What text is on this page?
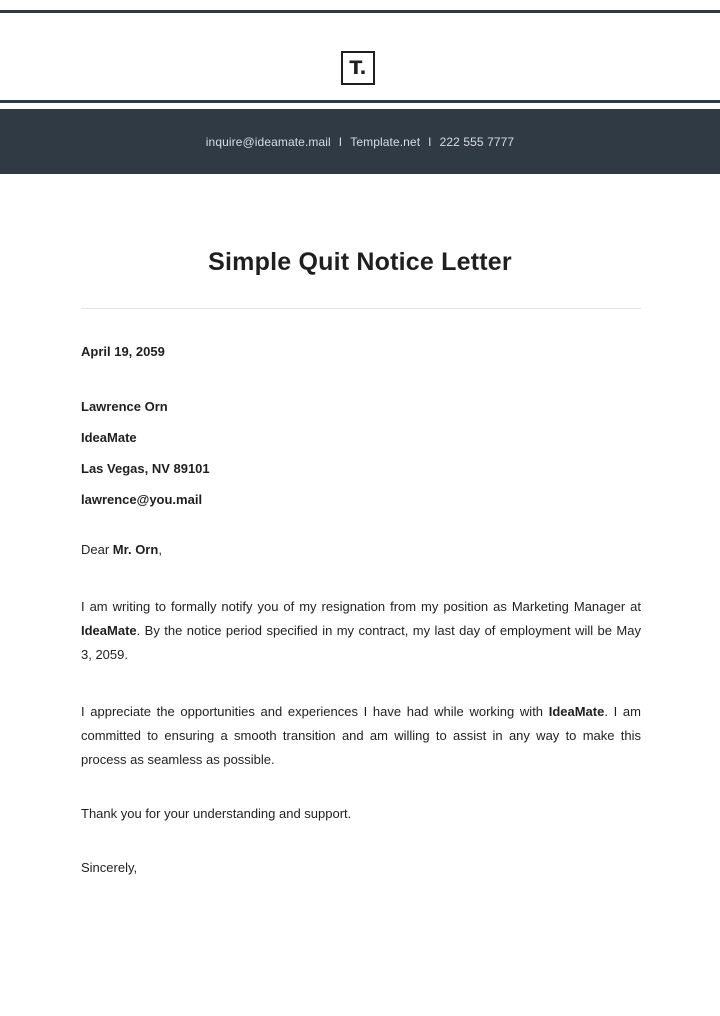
T.
inquire@ideamate.mail I Template.net I 222 555 7777
Simple Quit Notice Letter

April 19, 2059

Lawrence Orn
IdeaMate
Las Vegas, NV 89101
lawrence@you.mail

Dear Mr. Orn,

I am writing to formally notify you of my resignation from my position as Marketing Manager at IdeaMate. By the notice period specified in my contract, my last day of employment will be May 3, 2059.

I appreciate the opportunities and experiences I have had while working with IdeaMate. I am committed to ensuring a smooth transition and am willing to assist in any way to make this process as seamless as possible.

Thank you for your understanding and support.

Sincerely,
